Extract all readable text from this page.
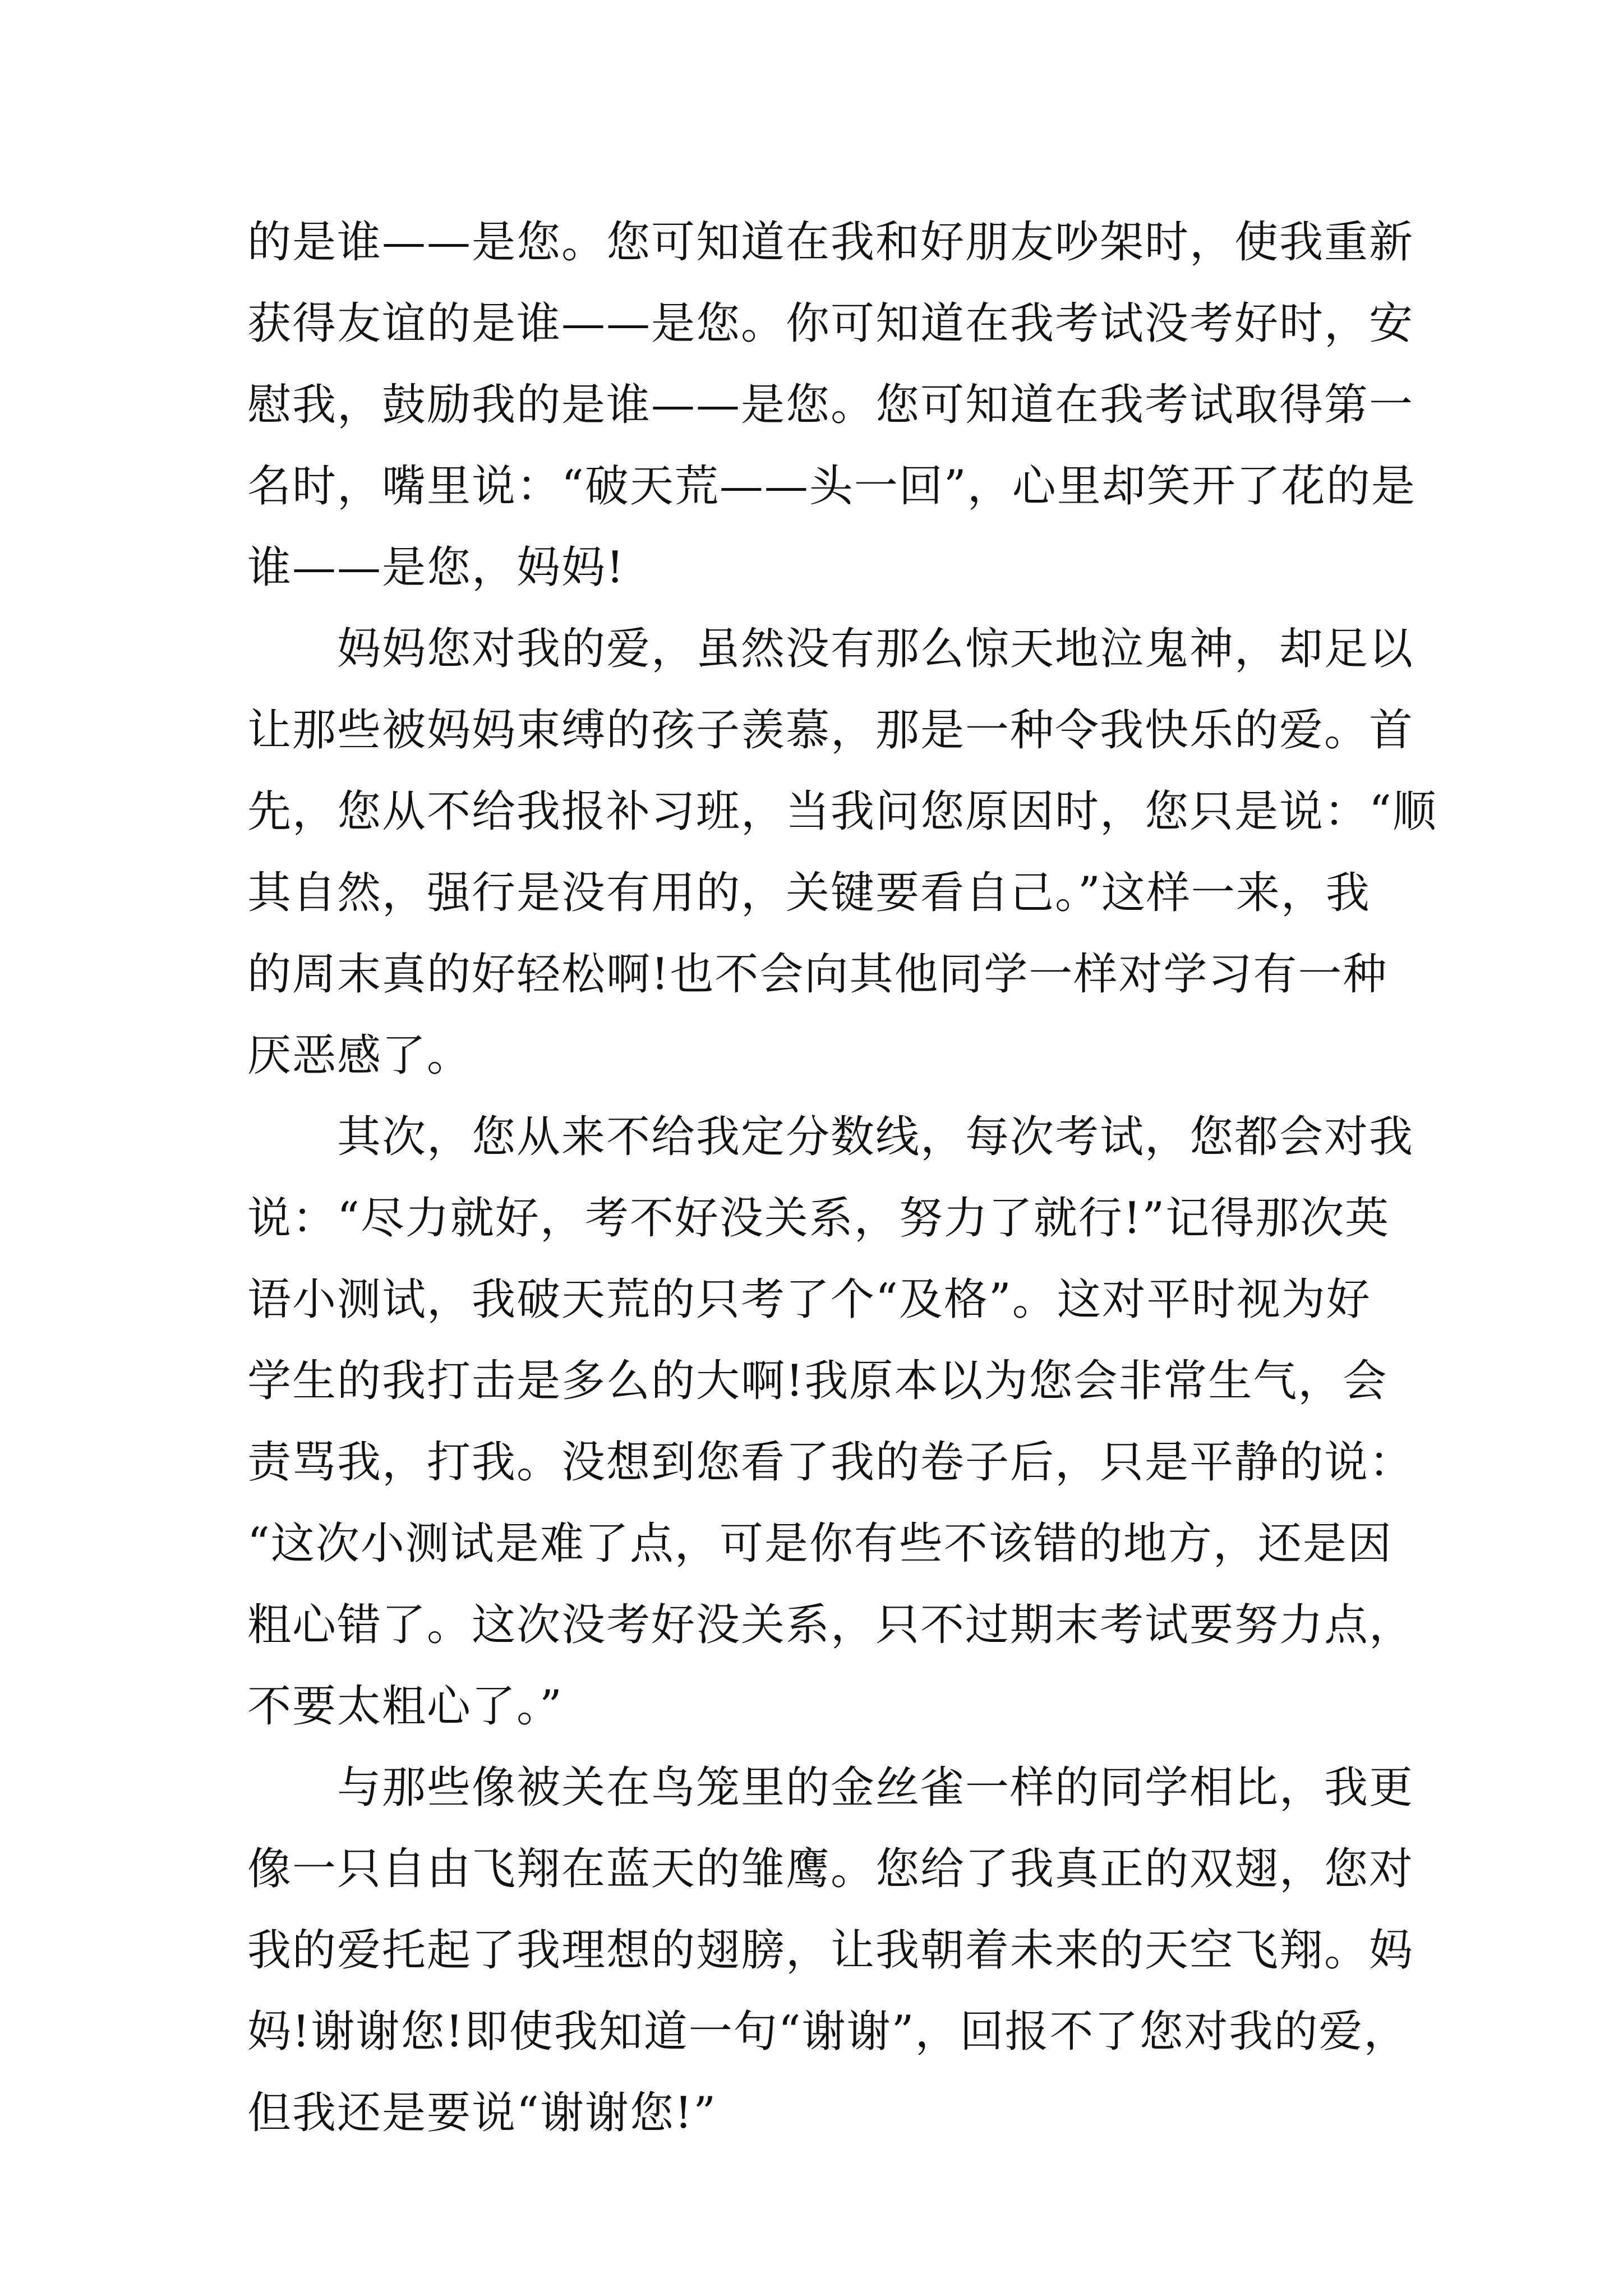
的是谁——是您。您可知道在我和好朋友吵架时，使我重新
获得友谊的是谁——是您。你可知道在我考试没考好时，安
慰我，鼓励我的是谁——是您。您可知道在我考试取得第一
名时，嘴里说：“破天荒——头一回”，心里却笑开了花的是
谁——是您，妈妈!
妈妈您对我的爱，虽然没有那么惊天地泣鬼神，却足以
让那些被妈妈束缚的孩子羡慕，那是一种令我快乐的爱。首
先，您从不给我报补习班，当我问您原因时，您只是说：“顺
其自然，强行是没有用的，关键要看自己。”这样一来，我
的周末真的好轻松啊!也不会向其他同学一样对学习有一种
厌恶感了。
其次，您从来不给我定分数线，每次考试，您都会对我
说：“尽力就好，考不好没关系，努力了就行!”记得那次英
语小测试，我破天荒的只考了个“及格”。这对平时视为好
学生的我打击是多么的大啊!我原本以为您会非常生气，会
责骂我，打我。没想到您看了我的卷子后，只是平静的说：
“这次小测试是难了点，可是你有些不该错的地方，还是因
粗心错了。这次没考好没关系，只不过期末考试要努力点，
不要太粗心了。”
与那些像被关在鸟笼里的金丝雀一样的同学相比，我更
像一只自由飞翔在蓝天的雏鹰。您给了我真正的双翅，您对
我的爱托起了我理想的翅膀，让我朝着未来的天空飞翔。妈
妈!谢谢您!即使我知道一句“谢谢”，回报不了您对我的爱，
但我还是要说“谢谢您!”
